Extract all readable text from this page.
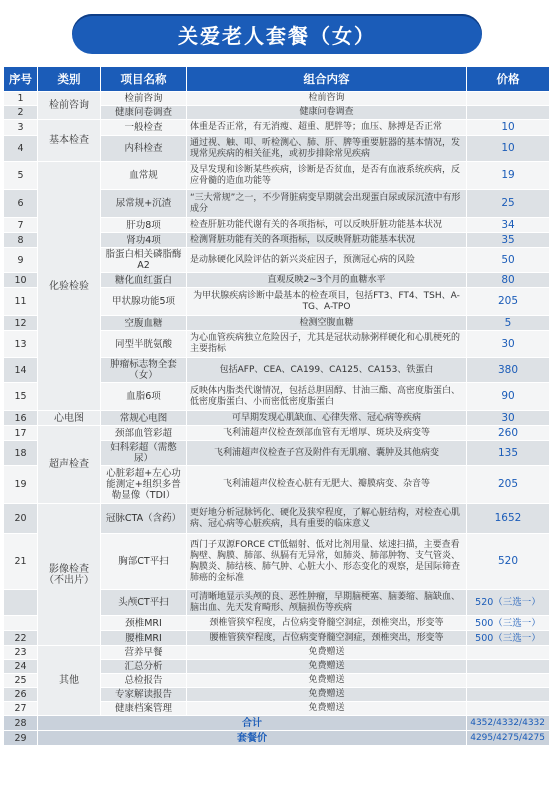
关爱老人套餐（女）
序号	类别	项目名称	组合内容	价格
1	检前咨询	检前咨询	检前咨询	
2		健康问卷调查	健康问卷调查	
3	基本检查	一般检查	体重是否正常，有无消瘦、超重、肥胖等；血压、脉搏是否正常	10
4		内科检查	通过视、触、叩、听检测心、肺、肝、脾等重要脏器的基本情况，发现常见疾病的相关征兆，或初步排除常见疾病	10
5	化验检验	血常规	及早发现和诊断某些疾病，诊断是否贫血，是否有血液系统疾病，反应骨髓的造血功能等	19
6		尿常规+沉渣	“三大常规”之一，不少肾脏病变早期就会出现蛋白尿或尿沉渣中有形成分	25
7		肝功8项	检查肝脏功能代谢有关的各项指标，可以反映肝脏功能基本状况	34
8		肾功4项	检测肾脏功能有关的各项指标，以反映肾脏功能基本状况	35
9		脂蛋白相关磷脂酶A2	是动脉硬化风险评估的新兴炎症因子，预测冠心病的风险	50
10		糖化血红蛋白	直观反映2~3个月的血糖水平	80
11		甲状腺功能5项	为甲状腺疾病诊断中最基本的检查项目，包括FT3、FT4、TSH、A-TG、A-TPO	205
12		空腹血糖	检测空腹血糖	5
13		同型半胱氨酸	为心血管疾病独立危险因子，尤其是冠状动脉粥样硬化和心肌梗死的主要指标	30
14		肿瘤标志物全套（女）	包括AFP、CEA、CA199、CA125、CA153、铁蛋白	380
15		血脂6项	反映体内脂类代谢情况，包括总胆固醇、甘油三酯、高密度脂蛋白、低密度脂蛋白、小而密低密度脂蛋白	90
16	心电图	常规心电图	可早期发现心肌缺血、心律失常、冠心病等疾病	30
17	超声检查	颈部血管彩超	飞利浦超声仪检查颈部血管有无增厚、斑块及病变等	260
18		妇科彩超（需憋尿）	飞利浦超声仪检查子宫及附件有无肌瘤、囊肿及其他病变	135
19		心脏彩超+左心功能测定+组织多普勒显像（TDI）	飞利浦超声仪检查心脏有无肥大、瓣膜病变、杂音等	205
20	影像检查（不出片）	冠脉CTA（含药）	更好地分析冠脉钙化、硬化及狭窄程度，了解心脏结构，对检查心肌病、冠心病等心脏疾病，具有重要的临床意义	1652
21		胸部CT平扫	西门子双源FORCE CT低辐射、低对比剂用量、炫速扫描，主要查看胸壁、胸膜、肺部、纵膈有无异常，如肺炎、肺部肿物、支气管炎、胸膜炎、肺结核、肺气肿、心脏大小、形态变化的观察，是国际筛查肺癌的金标准	520
		头颅CT平扫	可清晰地显示头颅的良、恶性肿瘤，早期脑梗塞、脑萎缩、脑缺血、脑出血、先天发育畸形、颅脑损伤等疾病	520（三选一）
		颈椎MRI	颈椎管狭窄程度，占位病变脊髓空洞症，颈椎突出，形变等	500（三选一）
22		腰椎MRI	腰椎管狭窄程度，占位病变脊髓空洞症，颈椎突出，形变等	500（三选一）
23	其他	营养早餐	免费赠送	
24		汇总分析	免费赠送	
25		总检报告	免费赠送	
26		专家解读报告	免费赠送	
27		健康档案管理	免费赠送	
28	合计			4352/4332/4332
29	套餐价			4295/4275/4275
